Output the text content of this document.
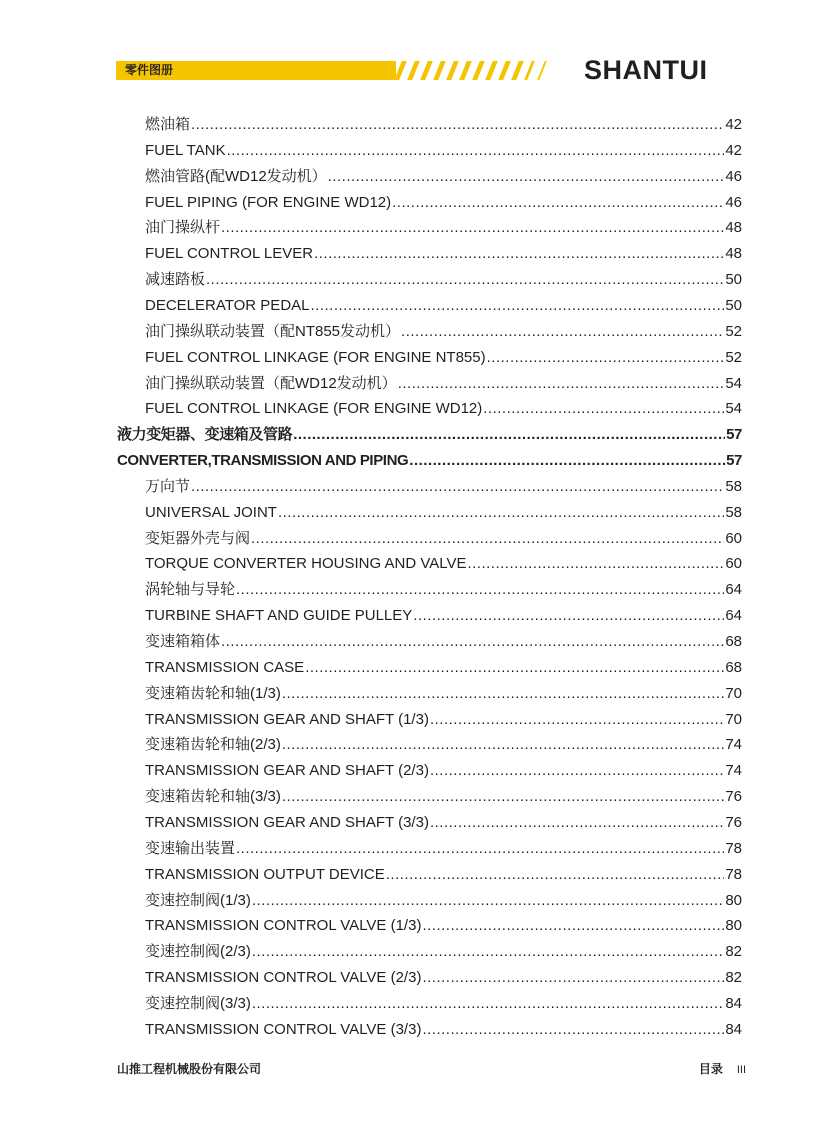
零件图册	SHANTUI
燃油箱 .....	42
FUEL TANK .....	42
燃油管路(配WD12发动机） .....	46
FUEL PIPING (FOR ENGINE WD12) .....	46
油门操纵杆 .....	48
FUEL CONTROL LEVER .....	48
减速踏板 .....	50
DECELERATOR PEDAL .....	50
油门操纵联动装置（配NT855发动机） .....	52
FUEL CONTROL LINKAGE (FOR ENGINE NT855) .....	52
油门操纵联动装置（配WD12发动机） .....	54
FUEL CONTROL LINKAGE (FOR ENGINE WD12) .....	54
液力变矩器、变速箱及管路 .....	57
CONVERTER,TRANSMISSION AND PIPING .....	57
万向节 .....	58
UNIVERSAL JOINT .....	58
变矩器外壳与阀 .....	60
TORQUE CONVERTER HOUSING AND VALVE .....	60
涡轮轴与导轮 .....	64
TURBINE SHAFT AND GUIDE PULLEY .....	64
变速箱箱体 .....	68
TRANSMISSION CASE .....	68
变速箱齿轮和轴(1/3) .....	70
TRANSMISSION GEAR AND SHAFT (1/3) .....	70
变速箱齿轮和轴(2/3) .....	74
TRANSMISSION GEAR AND SHAFT (2/3) .....	74
变速箱齿轮和轴(3/3) .....	76
TRANSMISSION GEAR AND SHAFT (3/3) .....	76
变速输出装置 .....	78
TRANSMISSION OUTPUT DEVICE .....	78
变速控制阀(1/3) .....	80
TRANSMISSION CONTROL VALVE (1/3) .....	80
变速控制阀(2/3) .....	82
TRANSMISSION CONTROL VALVE (2/3) .....	82
变速控制阀(3/3) .....	84
TRANSMISSION CONTROL VALVE (3/3) .....	84
山推工程机械股份有限公司	目录 III
